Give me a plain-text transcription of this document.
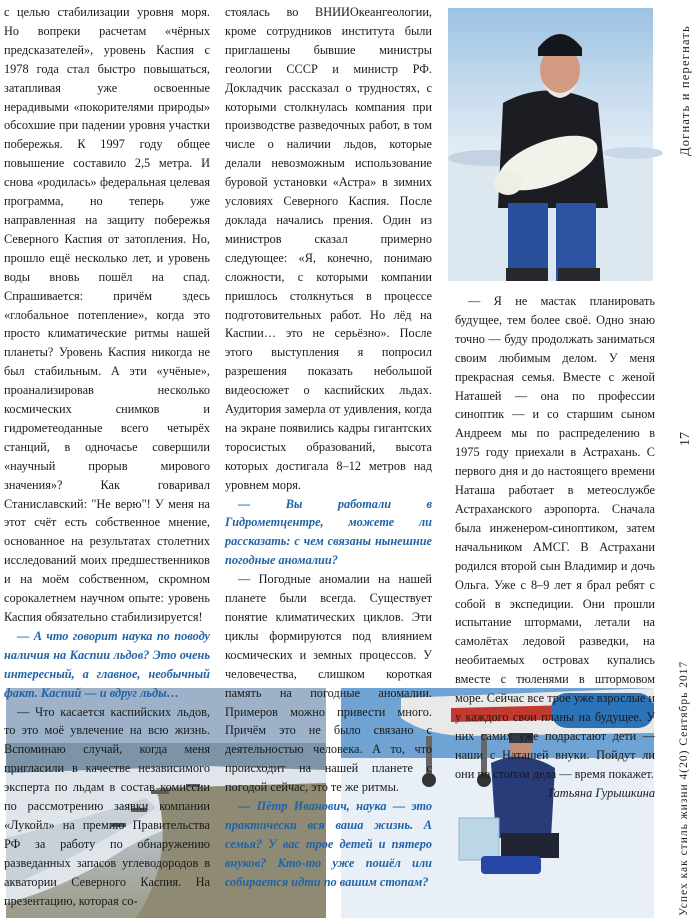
с целью стабилизации уровня моря. Но вопреки расчетам «чёрных предсказателей», уровень Каспия с 1978 года стал быстро повышаться, затапливая уже освоенные нерадивыми «покорителями природы» обсохшие при падении уровня участки побережья. К 1997 году общее повышение составило 2,5 метра. И снова «родилась» федеральная целевая программа, но теперь уже направленная на защиту побережья Северного Каспия от затопления. Но, прошло ещё несколько лет, и уровень воды вновь пошёл на спад. Спрашивается: причём здесь «глобальное потепление», когда это просто климатические ритмы нашей планеты? Уровень Каспия никогда не был стабильным. А эти «учёные», проанализировав несколько космических снимков и гидрометеоданные всего четырёх станций, в одночасье совершили «научный прорыв мирового значения»? Как говаривал Станиславский: "Не верю"! У меня на этот счёт есть собственное мнение, основанное на результатах столетних исследований моих предшественников и на моём собственном, скромном сорокалетнем научном опыте: уровень Каспия обязательно стабилизируется!

— А что говорит наука по поводу наличия на Каспии льдов? Это очень интересный, а главное, необычный факт. Каспий — и вдруг льды…

— Что касается каспийских льдов, то это моё увлечение на всю жизнь. Вспоминаю случай, когда меня пригласили в качестве независимого эксперта по льдам в состав комиссии по рассмотрению заявки компании «Лукойл» на премию Правительства РФ за работу по обнаружению разведанных запасов углеводородов в акватории Северного Каспия. На презентацию, которая со-

стоялась во ВНИИОкеангеологии, кроме сотрудников института были приглашены бывшие министры геологии СССР и министр РФ. Докладчик рассказал о трудностях, с которыми столкнулась компания при производстве разведочных работ, в том числе о наличии льдов, которые делали невозможным использование буровой установки «Астра» в зимних условиях Северного Каспия. После доклада начались прения. Один из министров сказал примерно следующее: «Я, конечно, понимаю сложности, с которыми компании пришлось столкнуться в процессе подготовительных работ. Но лёд на Каспии… это не серьёзно». После этого выступления я попросил разрешения показать небольшой видеосюжет о каспийских льдах. Аудитория замерла от удивления, когда на экране появились кадры гигантских торосистых образований, высота которых достигала 8–12 метров над уровнем моря.

— Вы работали в Гидрометцентре, можете ли рассказать: с чем связаны нынешние погодные аномалии?

— Погодные аномалии на нашей планете были всегда. Существует понятие климатических циклов. Эти циклы формируются под влиянием космических и земных процессов. У человечества, слишком короткая память на погодные аномалии. Примеров можно привести много. Причём это не было связано с деятельностью человека. А то, что происходит на нашей планете с погодой сейчас, это те же ритмы.

— Пётр Иванович, наука — это практически вся ваша жизнь. А семья? У вас трое детей и пятеро внуков? Кто-то уже пошёл или собирается идти по вашим стопам?

— Я не мастак планировать будущее, тем более своё. Одно знаю точно — буду продолжать заниматься своим любимым делом. У меня прекрасная семья. Вместе с женой Наташей — она по профессии синоптик — и со старшим сыном Андреем мы по распределению в 1975 году приехали в Астрахань. С первого дня и до настоящего времени Наташа работает в метеослужбе Астраханского аэропорта. Сначала была инженером-синоптиком, затем начальником АМСГ. В Астрахани родился второй сын Владимир и дочь Ольга. Уже с 8–9 лет я брал ребят с собой в экспедиции. Они прошли испытание штормами, летали на самолётах ледовой разведки, на необитаемых островах купались вместе с тюленями в штормовом море. Сейчас все трое уже взрослые и у каждого свои планы на будущее. У них самих уже подрастают дети — наши с Наташей внуки. Пойдут ли они по стопам деда — время покажет.

Татьяна Гурышкина

Догнать и перегнать
17
Успех как стиль жизни 4(20) Сентябрь 2017
